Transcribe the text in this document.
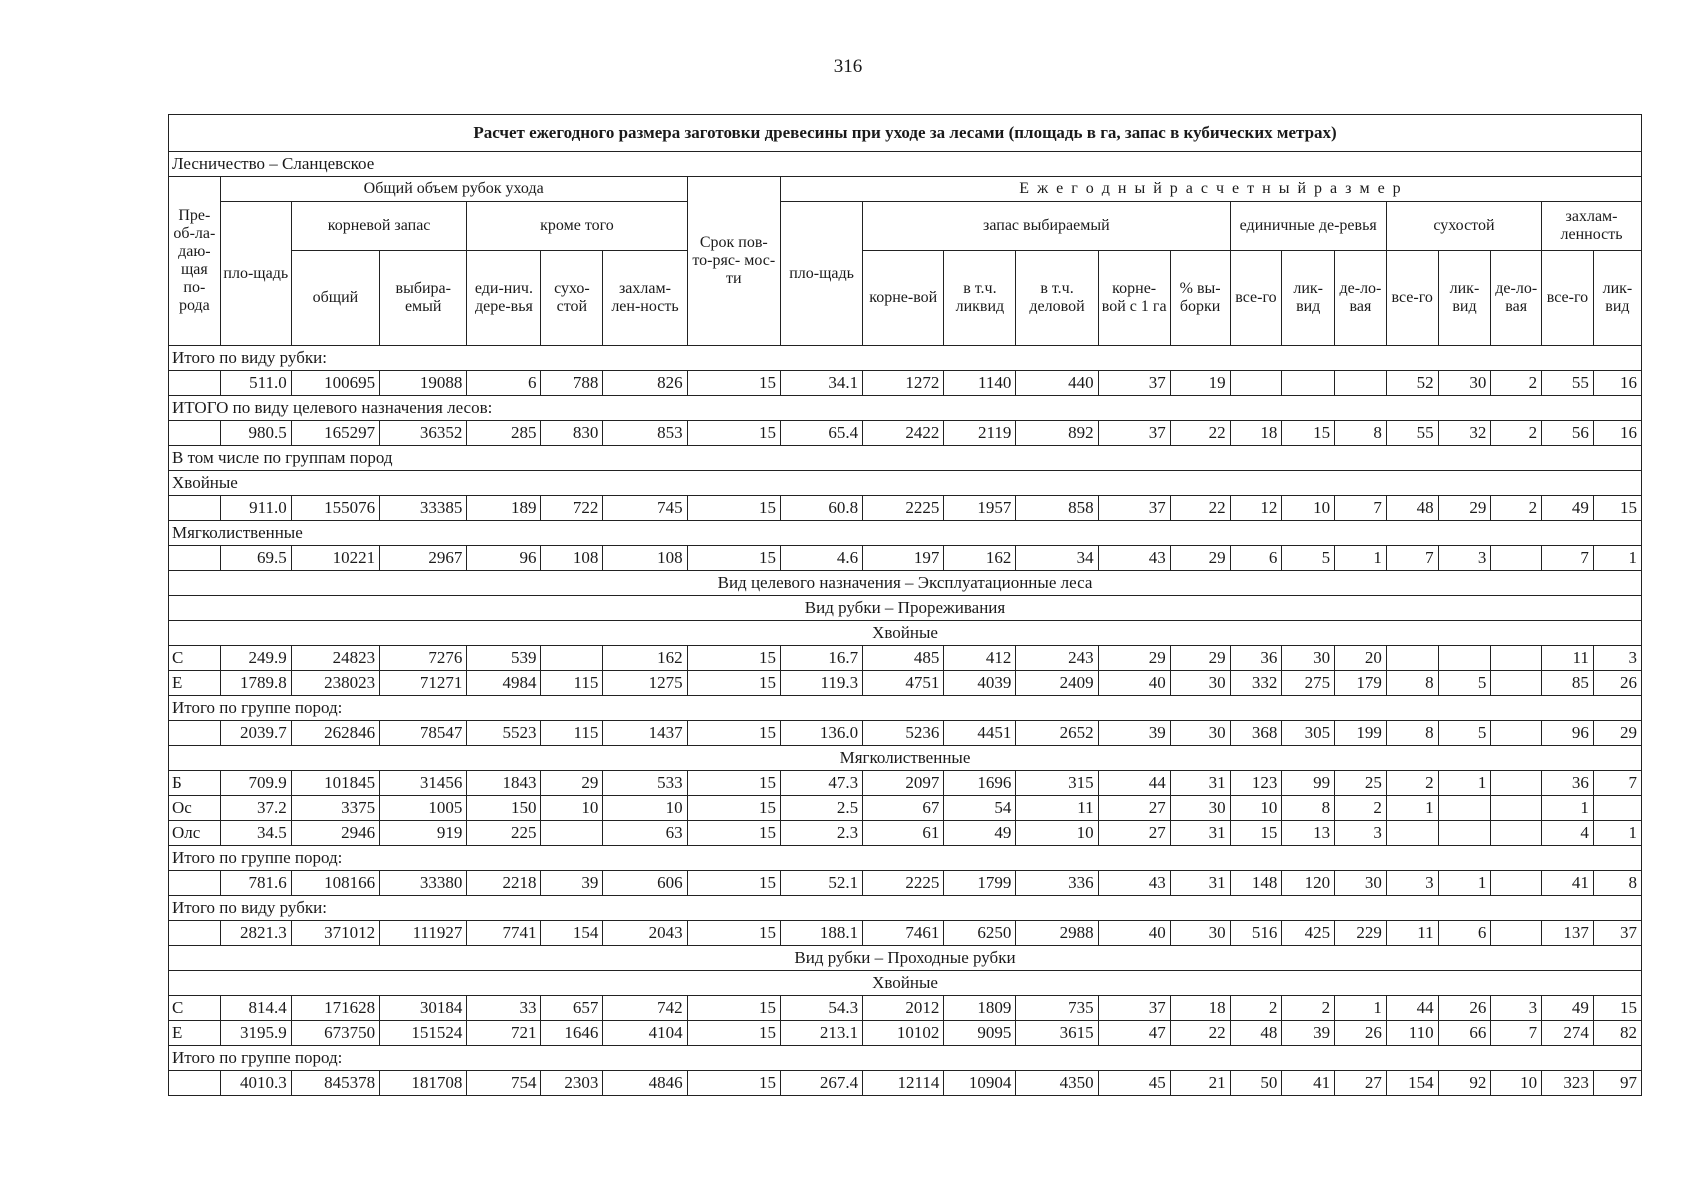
316
Расчет ежегодного размера заготовки древесины при уходе за лесами (площадь в га, запас в кубических метрах)																					
Лесничество – Сланцевское																					
Пре-об-ла-даю-щая по-рода	Общий объем рубок ухода						Срок пов- то-ряс- мос-ти	Е ж е г о д н ы й р а с ч е т н ы й р а з м е р													
	пло-щадь	корневой запас		кроме того				пло-щадь	запас выбираемый					единичные де-ревья			сухостой			захлам-ленность	
		общий	выбира-емый	еди-нич. дере-вья	сухо-стой	захлам-лен-ность			корне-вой	в т.ч. ликвид	в т.ч. деловой	корне-вой с 1 га	% вы-борки	все-го	лик-вид	де-ло-вая	все-го	лик-вид	де-ло-вая	все-го	лик-вид
Итого по виду рубки:																					
	511.0	100695	19088	6	788	826	15	34.1	1272	1140	440	37	19				52	30	2	55	16
ИТОГО по виду целевого назначения лесов:																					
	980.5	165297	36352	285	830	853	15	65.4	2422	2119	892	37	22	18	15	8	55	32	2	56	16
В том числе по группам пород																					
Хвойные																					
	911.0	155076	33385	189	722	745	15	60.8	2225	1957	858	37	22	12	10	7	48	29	2	49	15
Мягколиственные																					
	69.5	10221	2967	96	108	108	15	4.6	197	162	34	43	29	6	5	1	7	3		7	1
Вид целевого назначения – Эксплуатационные леса																					
Вид рубки – Прореживания																					
Хвойные																					
С	249.9	24823	7276	539		162	15	16.7	485	412	243	29	29	36	30	20				11	3
Е	1789.8	238023	71271	4984	115	1275	15	119.3	4751	4039	2409	40	30	332	275	179	8	5		85	26
Итого по группе пород:																					
	2039.7	262846	78547	5523	115	1437	15	136.0	5236	4451	2652	39	30	368	305	199	8	5		96	29
Мягколиственные																					
Б	709.9	101845	31456	1843	29	533	15	47.3	2097	1696	315	44	31	123	99	25	2	1		36	7
Ос	37.2	3375	1005	150	10	10	15	2.5	67	54	11	27	30	10	8	2	1			1	
Олс	34.5	2946	919	225		63	15	2.3	61	49	10	27	31	15	13	3				4	1
Итого по группе пород:																					
	781.6	108166	33380	2218	39	606	15	52.1	2225	1799	336	43	31	148	120	30	3	1		41	8
Итого по виду рубки:																					
	2821.3	371012	111927	7741	154	2043	15	188.1	7461	6250	2988	40	30	516	425	229	11	6		137	37
Вид рубки – Проходные рубки																					
Хвойные																					
С	814.4	171628	30184	33	657	742	15	54.3	2012	1809	735	37	18	2	2	1	44	26	3	49	15
Е	3195.9	673750	151524	721	1646	4104	15	213.1	10102	9095	3615	47	22	48	39	26	110	66	7	274	82
Итого по группе пород:																					
	4010.3	845378	181708	754	2303	4846	15	267.4	12114	10904	4350	45	21	50	41	27	154	92	10	323	97
